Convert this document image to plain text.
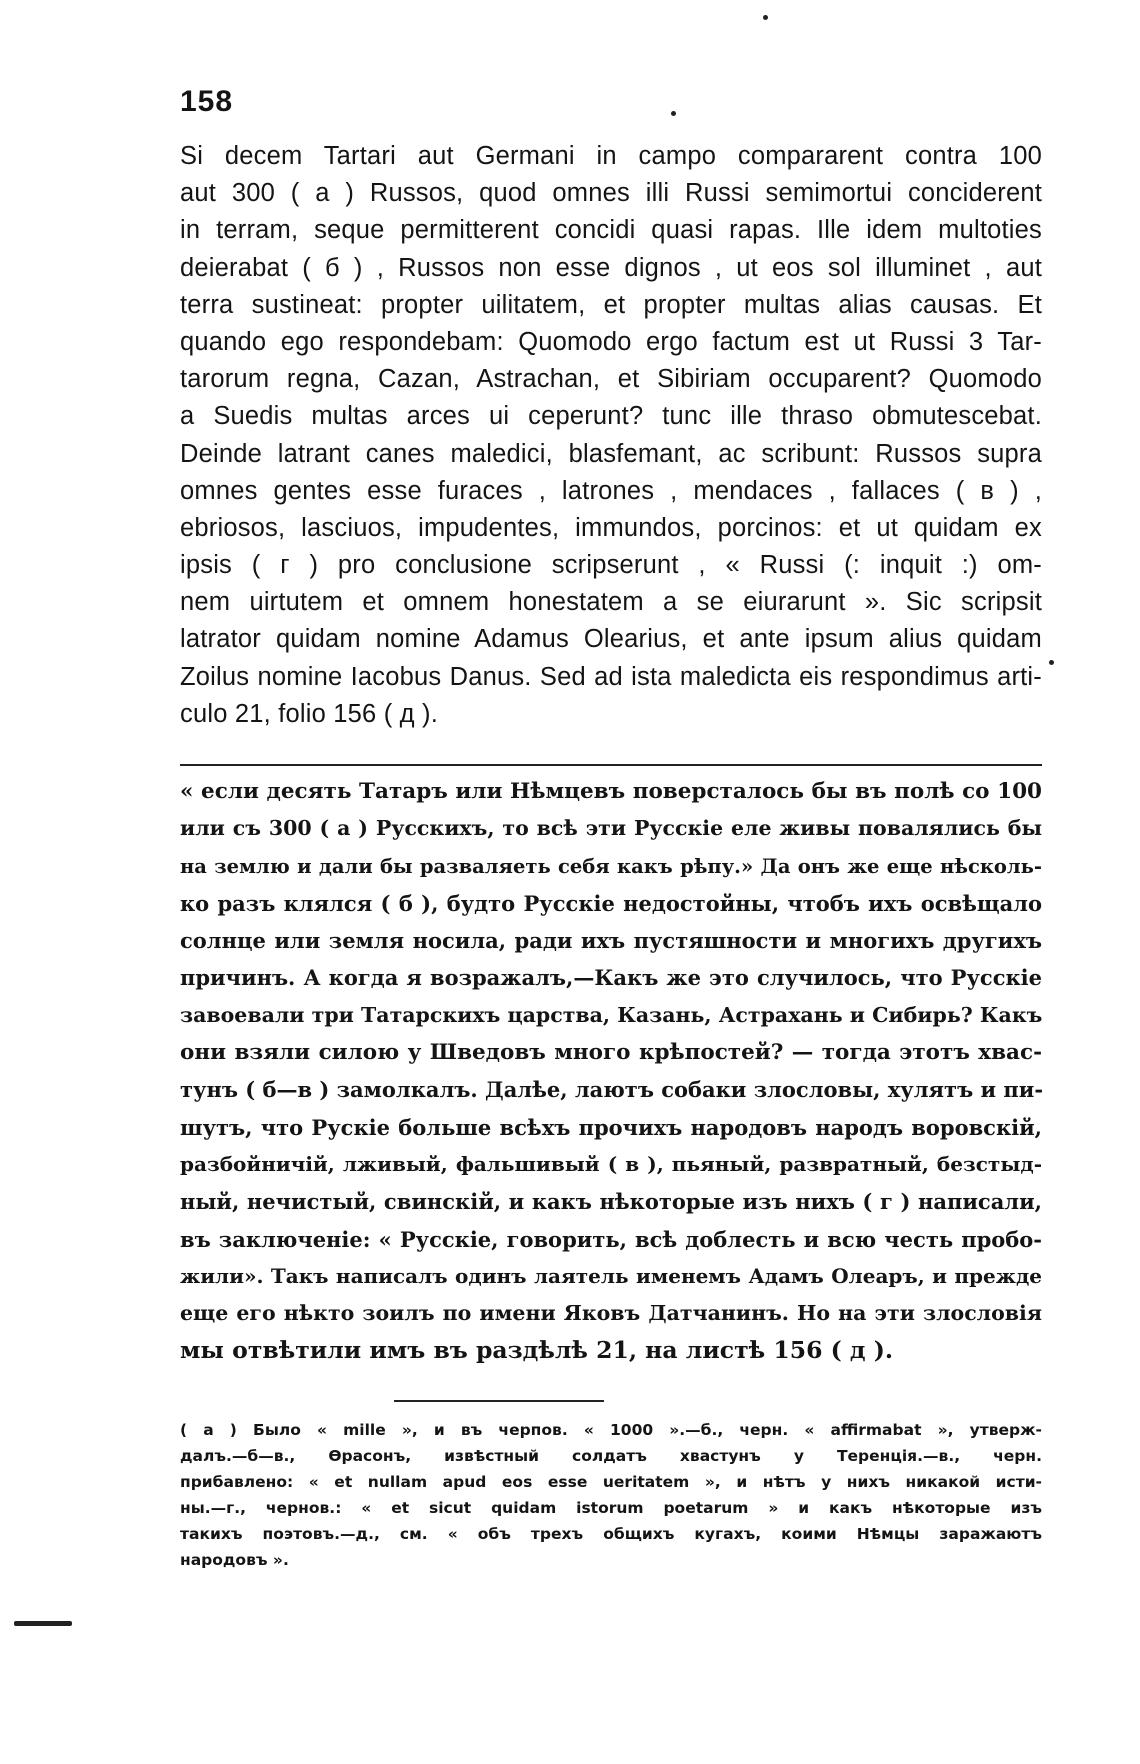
158
Si decem Tartari aut Germani in campo compararent contra 100
aut 300 ( а ) Russos, quod omnes illi Russi semimortui conciderent
in terram, seque permitterent concidi quasi rapas. Ille idem multoties
deierabat ( б ) , Russos non esse dignos , ut eos sol illuminet , aut
terra sustineat: propter uilitatem, et propter multas alias causas. Et
quando ego respondebam: Quomodo ergo factum est ut Russi 3 Tar-
tarorum regna, Cazan, Astrachan, et Sibiriam occuparent? Quomodo
a Suedis multas arces ui ceperunt? tunc ille thraso obmutescebat.
Deinde latrant canes maledici, blasfemant, ac scribunt: Russos supra
omnes gentes esse furaces , latrones , mendaces , fallaces ( в ) ,
ebriosos, lasciuos, impudentes, immundos, porcinos: et ut quidam ex
ipsis ( г ) pro conclusione scripserunt , « Russi (: inquit :) om-
nem uirtutem et omnem honestatem a se eiurarunt ». Sic scripsit
latrator quidam nomine Adamus Olearius, et ante ipsum alius quidam
Zoilus nomine Iacobus Danus. Sed ad ista maledicta eis respondimus arti-
culo 21, folio 156 ( д ).
« если десять Татаръ или Нѣмцевъ поверсталось бы въ полѣ со 100
или съ 300 ( а ) Русскихъ, то всѣ эти Русскіе еле живы повалялись бы
на землю и дали бы разваляеть себя какъ рѣпу.» Да онъ же еще нѣсколь-
ко разъ клялся ( б ), будто Русскіе недостойны, чтобъ ихъ освѣщало
солнце или земля носила, ради ихъ пустяшности и многихъ другихъ
причинъ. А когда я возражалъ,—Какъ же это случилось, что Русскіе
завоевали три Татарскихъ царства, Казань, Астрахань и Сибирь? Какъ
они взяли силою у Шведовъ много крѣпостей? — тогда этотъ хвас-
тунъ ( б—в ) замолкалъ. Далѣе, лаютъ собаки злословы, хулятъ и пи-
шутъ, что Рускіе больше всѣхъ прочихъ народовъ народъ воровскій,
разбойничій, лживый, фальшивый ( в ), пьяный, развратный, безстыд-
ный, нечистый, свинскій, и какъ нѣкоторые изъ нихъ ( г ) написали,
въ заключеніе: « Русскіе, говорить, всѣ доблесть и всю честь пробо-
жили». Такъ написалъ одинъ лаятель именемъ Адамъ Олеаръ, и прежде
еще его нѣкто зоилъ по имени Яковъ Датчанинъ. Но на эти злословія
мы отвѣтили имъ въ раздѣлѣ 21, на листѣ 156 ( д ).
( а ) Было « mille », и въ черпов. « 1000 ».—б., черн. « affirmabat », утверж-
далъ.—б—в., Ѳрасонъ, извѣстный солдатъ хвастунъ у Теренція.—в., черн.
прибавлено: « et nullam apud eos esse ueritatem », и нѣтъ у нихъ никакой исти-
ны.—г., чернов.: « et sicut quidam istorum poetarum » и какъ нѣкоторые изъ
такихъ поэтовъ.—д., см. « объ трехъ общихъ кугахъ, коими Нѣмцы заражаютъ
народовъ ».
